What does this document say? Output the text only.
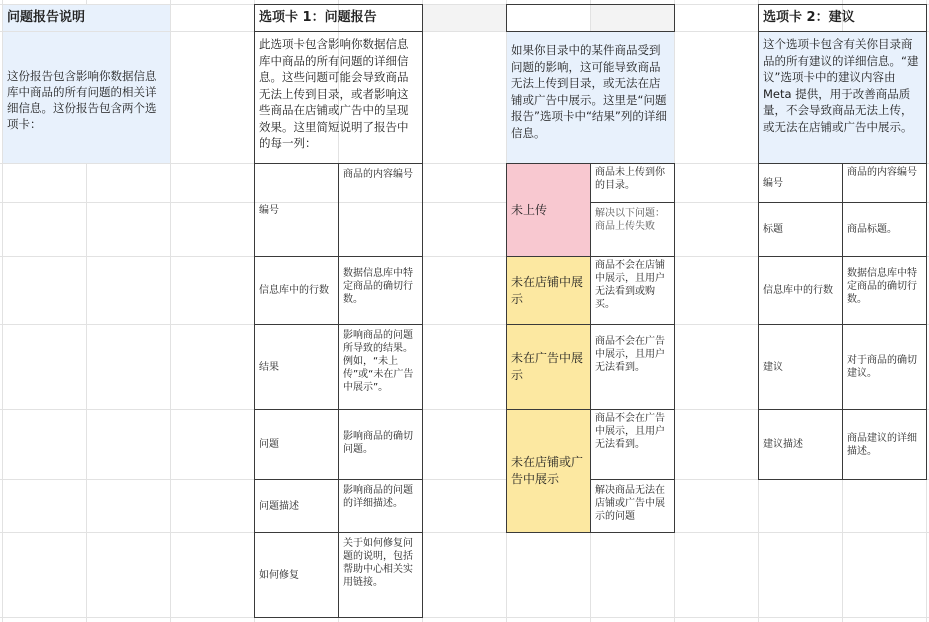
问题报告说明
这份报告包含影响你数据信息库中商品的所有问题的相关详细信息。这份报告包含两个选项卡：
选项卡 1：问题报告
此选项卡包含影响你数据信息库中商品的所有问题的详细信息。这些问题可能会导致商品无法上传到目录，或者影响这些商品在店铺或广告中的呈现效果。这里简短说明了报告中的每一列：
编号
商品的内容编号
信息库中的行数
数据信息库中特定商品的确切行数。
结果
影响商品的问题所导致的结果。例如，“未上传”或“未在广告中展示”。
问题
影响商品的确切问题。
问题描述
影响商品的问题的详细描述。
如何修复
关于如何修复问题的说明，包括帮助中心相关实用链接。
如果你目录中的某件商品受到问题的影响，这可能导致商品无法上传到目录，或无法在店铺或广告中展示。这里是“问题报告”选项卡中“结果”列的详细信息。
未上传
商品未上传到你的目录。
解决以下问题：商品上传失败
未在店铺中展示
商品不会在店铺中展示，且用户无法看到或购买。
未在广告中展示
商品不会在广告中展示，且用户无法看到。
未在店铺或广告中展示
商品不会在广告中展示，且用户无法看到。
解决商品无法在店铺或广告中展示的问题
选项卡 2：建议
这个选项卡包含有关你目录商品的所有建议的详细信息。“建议”选项卡中的建议内容由 Meta 提供，用于改善商品质量，不会导致商品无法上传，或无法在店铺或广告中展示。
编号
商品的内容编号
标题	商品标题。
信息库中的行数
数据信息库中特定商品的确切行数。
建议
对于商品的确切建议。
建议描述
商品建议的详细描述。
